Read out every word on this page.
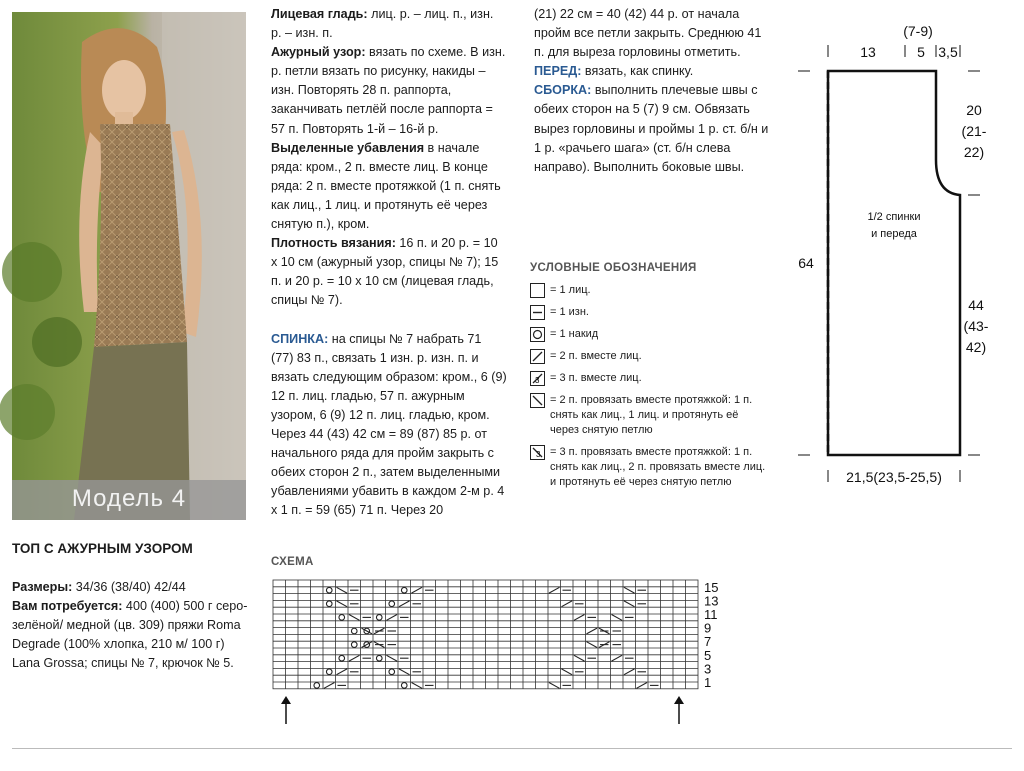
Модель 4
ТОП С АЖУРНЫМ УЗОРОМ

Размеры: 34/36 (38/40) 42/44

Вам потребуется: 400 (400) 500 г серо-зелёной/ медной (цв. 309) пряжи Roma Degrade (100% хлопка, 210 м/ 100 г) Lana Grossa; спицы № 7, крючок № 5.

Лицевая гладь: лиц. р. – лиц. п., изн. р. – изн. п.

Ажурный узор: вязать по схеме. В изн. р. петли вязать по рисунку, накиды – изн. Повторять 28 п. раппорта, заканчивать петлёй после раппорта = 57 п. Повторять 1-й – 16-й р.

Выделенные убавления в начале ряда: кром., 2 п. вместе лиц. В конце ряда: 2 п. вместе протяжкой (1 п. снять как лиц., 1 лиц. и протянуть её через снятую п.), кром.

Плотность вязания: 16 п. и 20 р. = 10 х 10 см (ажурный узор, спицы № 7); 15 п. и 20 р. = 10 х 10 см (лицевая гладь, спицы № 7).

СПИНКА: на спицы № 7 набрать 71 (77) 83 п., связать 1 изн. р. изн. п. и вязать следующим образом: кром., 6 (9) 12 п. лиц. гладью, 57 п. ажурным узором, 6 (9) 12 п. лиц. гладью, кром. Через 44 (43) 42 см = 89 (87) 85 р. от начального ряда для пройм закрыть с обеих сторон 2 п., затем выделенными убавлениями убавить в каждом 2-м р. 4 х 1 п. = 59 (65) 71 п. Через 20

(21) 22 см = 40 (42) 44 р. от начала пройм все петли закрыть. Среднюю 41 п. для выреза горловины отметить.

ПЕРЕД: вязать, как спинку.

СБОРКА: выполнить плечевые швы с обеих сторон на 5 (7) 9 см. Обвязать вырез горловины и проймы 1 р. ст. б/н и 1 р. «рачьего шага» (ст. б/н слева направо). Выполнить боковые швы.

УСЛОВНЫЕ ОБОЗНАЧЕНИЯ
= 1 лиц.
= 1 изн.
= 1 накид
= 2 п. вместе лиц.
3 = 3 п. вместе лиц.
= 2 п. провязать вместе протяжкой: 1 п. снять как лиц., 1 лиц. и протянуть её через снятую петлю
3 = 3 п. провязать вместе протяжкой: 1 п. снять как лиц., 2 п. провязать вместе лиц. и протянуть её через снятую петлю
(7-9)
13	5 3,5
20
(21-
22)
44
(43-
42)
64
21,5(23,5-25,5)
1/2 спинки
и переда
СХЕМА
15
13
11
9
7
5
3
1
